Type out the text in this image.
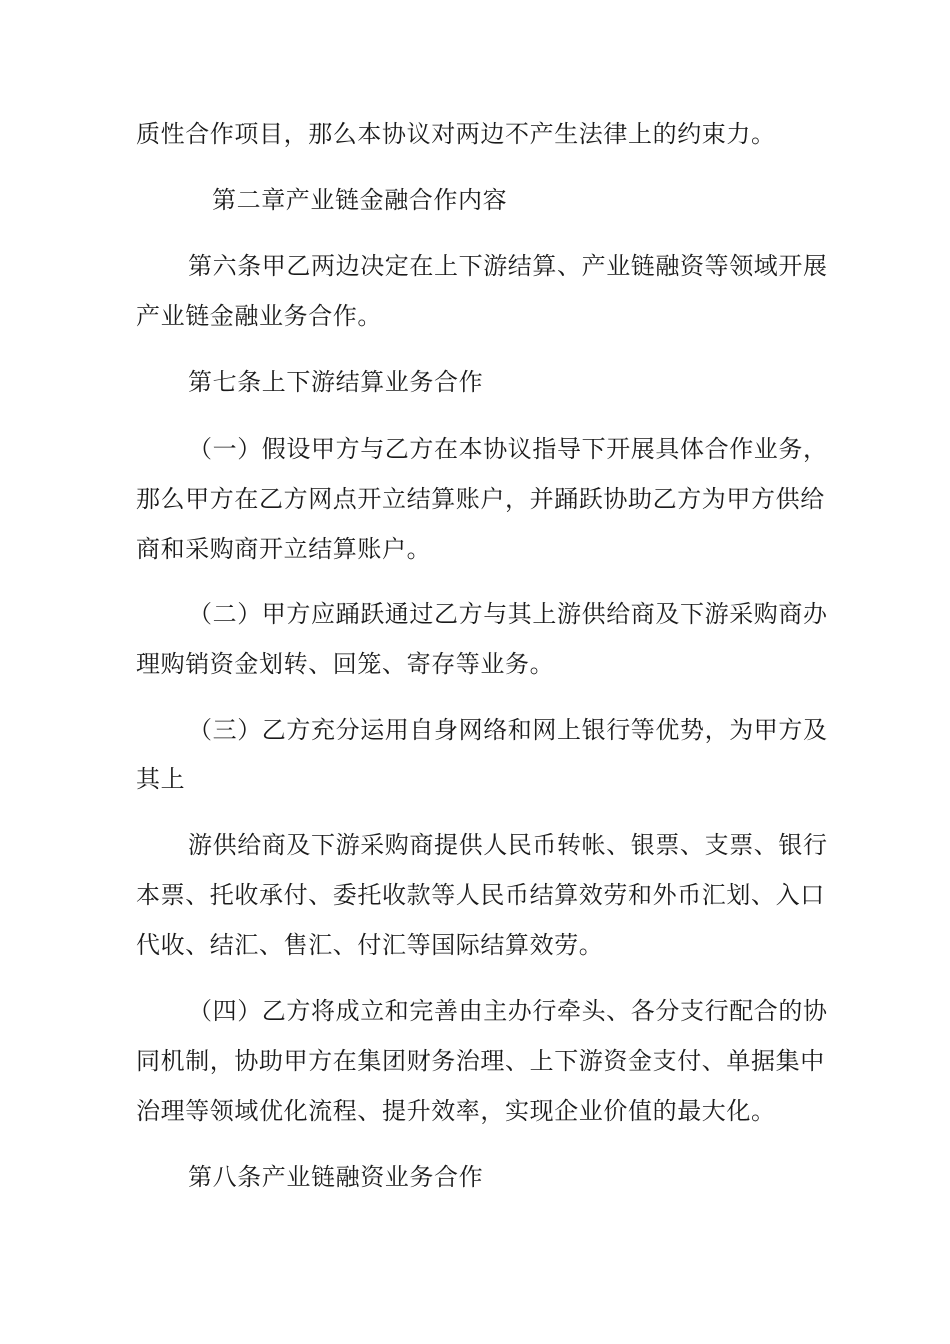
质性合作项目，那么本协议对两边不产生法律上的约束力。
第二章产业链金融合作内容
第六条甲乙两边决定在上下游结算、产业链融资等领域开展
产业链金融业务合作。
第七条上下游结算业务合作
（一）假设甲方与乙方在本协议指导下开展具体合作业务，
那么甲方在乙方网点开立结算账户，并踊跃协助乙方为甲方供给
商和采购商开立结算账户。
（二）甲方应踊跃通过乙方与其上游供给商及下游采购商办
理购销资金划转、回笼、寄存等业务。
（三）乙方充分运用自身网络和网上银行等优势，为甲方及
其上
游供给商及下游采购商提供人民币转帐、银票、支票、银行
本票、托收承付、委托收款等人民币结算效劳和外币汇划、入口
代收、结汇、售汇、付汇等国际结算效劳。
（四）乙方将成立和完善由主办行牵头、各分支行配合的协
同机制，协助甲方在集团财务治理、上下游资金支付、单据集中
治理等领域优化流程、提升效率，实现企业价值的最大化。
第八条产业链融资业务合作
